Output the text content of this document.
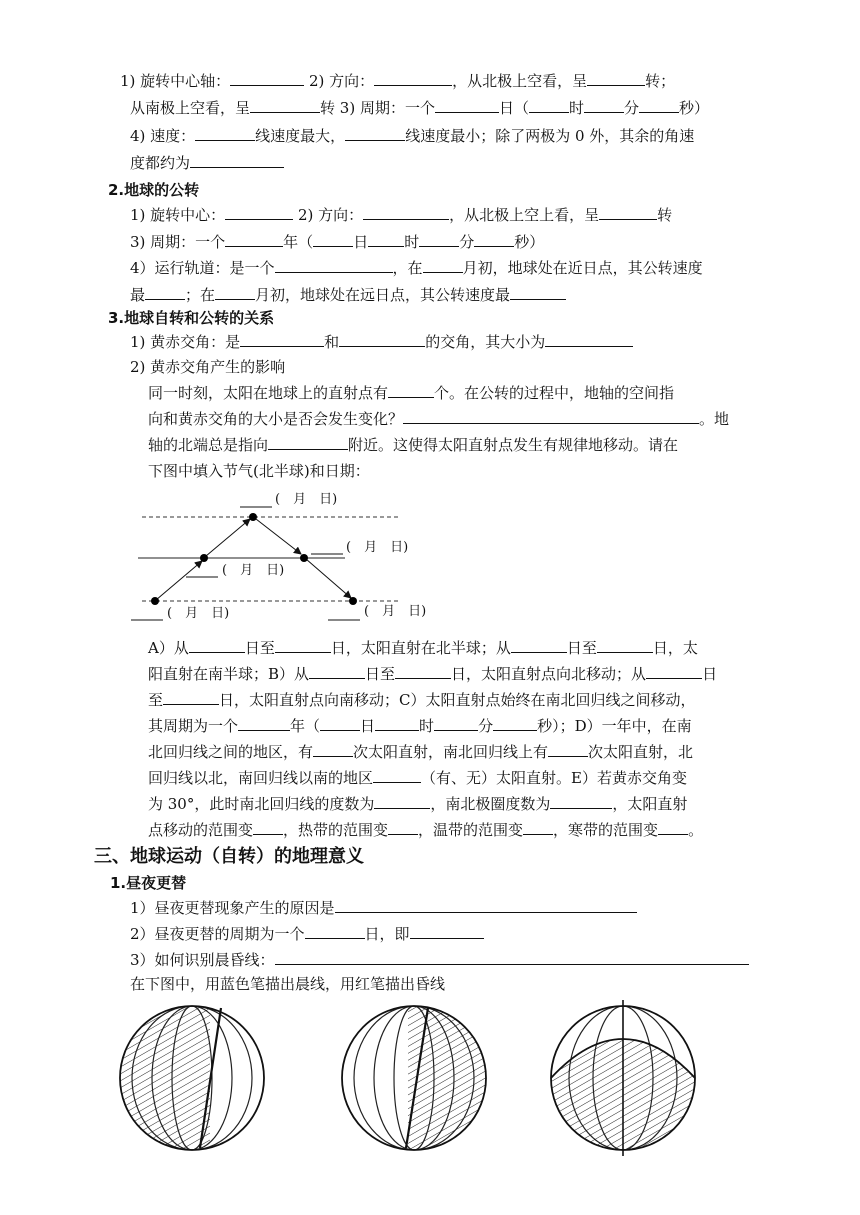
1) 旋转中心轴：	2) 方向：	，从北极上空看，呈	转；
从南极上空看，呈	转 3) 周期：一个	日（	时	分	秒）
4) 速度：	线速度最大，	线速度最小；除了两极为 0 外，其余的角速
度都约为
2.地球的公转
1) 旋转中心：	2) 方向：	，从北极上空上看，呈	转
3) 周期：一个	年（	日 时	分	秒）
4）运行轨道：是一个	，在	月初，地球处在近日点，其公转速度
最	；在	月初，地球处在远日点，其公转速度最
3.地球自转和公转的关系
1) 黄赤交角：是	和	的交角，其大小为
2) 黄赤交角产生的影响
同一时刻，太阳在地球上的直射点有	个。在公转的过程中，地轴的空间指
向和黄赤交角的大小是否会发生变化？	。地
轴的北端总是指向	附近。这使得太阳直射点发生有规律地移动。请在
下图中填入节气(北半球)和日期：
(　月　日)
(　月　日)
(　月　日)
(　月　日)	(　月　日)
A）从	日至	日，太阳直射在北半球；从	日至	日，太
阳直射在南半球；B）从	日至	日，太阳直射点向北移动；从	日
至	日，太阳直射点向南移动；C）太阳直射点始终在南北回归线之间移动，
其周期为一个	年（	日	时	分	秒）；D）一年中，在南
北回归线之间的地区，有	次太阳直射，南北回归线上有	次太阳直射，北
回归线以北，南回归线以南的地区	（有、无）太阳直射。E）若黄赤交角变
为 30°，此时南北回归线的度数为	，南北极圈度数为	，太阳直射
点移动的范围变 ，热带的范围变 ，温带的范围变 ，寒带的范围变 。
三、地球运动（自转）的地理意义
1.昼夜更替
1）昼夜更替现象产生的原因是
2）昼夜更替的周期为一个	日，即
3）如何识别晨昏线：
在下图中，用蓝色笔描出晨线，用红笔描出昏线
